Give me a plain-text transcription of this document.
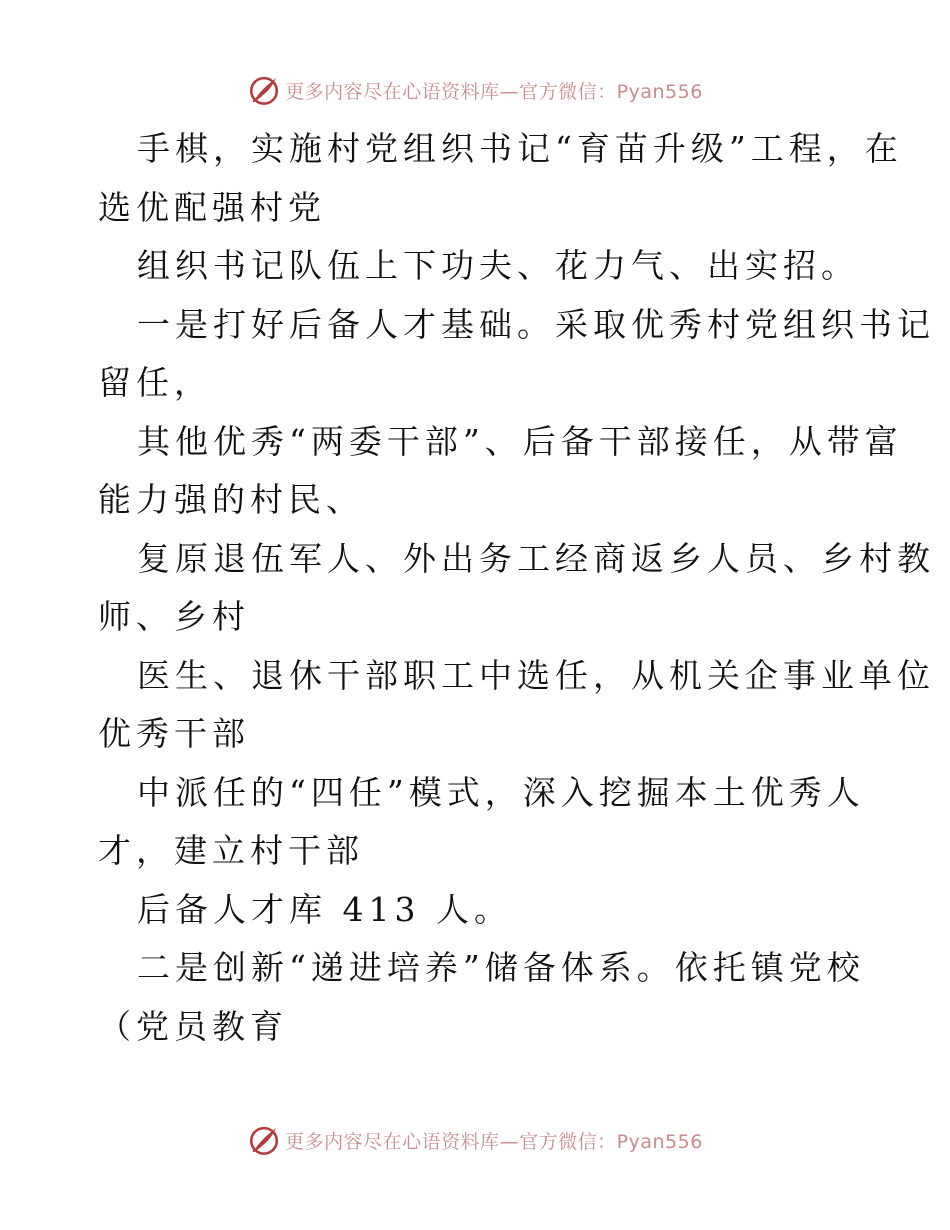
更多内容尽在心语资料库—官方微信：Pyan556
手棋，实施村党组织书记“育苗升级”工程，在
选优配强村党
组织书记队伍上下功夫、花力气、出实招。
一是打好后备人才基础。采取优秀村党组织书记
留任，
其他优秀“两委干部”、后备干部接任，从带富
能力强的村民、
复原退伍军人、外出务工经商返乡人员、乡村教
师、乡村
医生、退休干部职工中选任，从机关企事业单位
优秀干部
中派任的“四任”模式，深入挖掘本土优秀人
才，建立村干部
后备人才库 413 人。
二是创新“递进培养”储备体系。依托镇党校
（党员教育
更多内容尽在心语资料库—官方微信：Pyan556
